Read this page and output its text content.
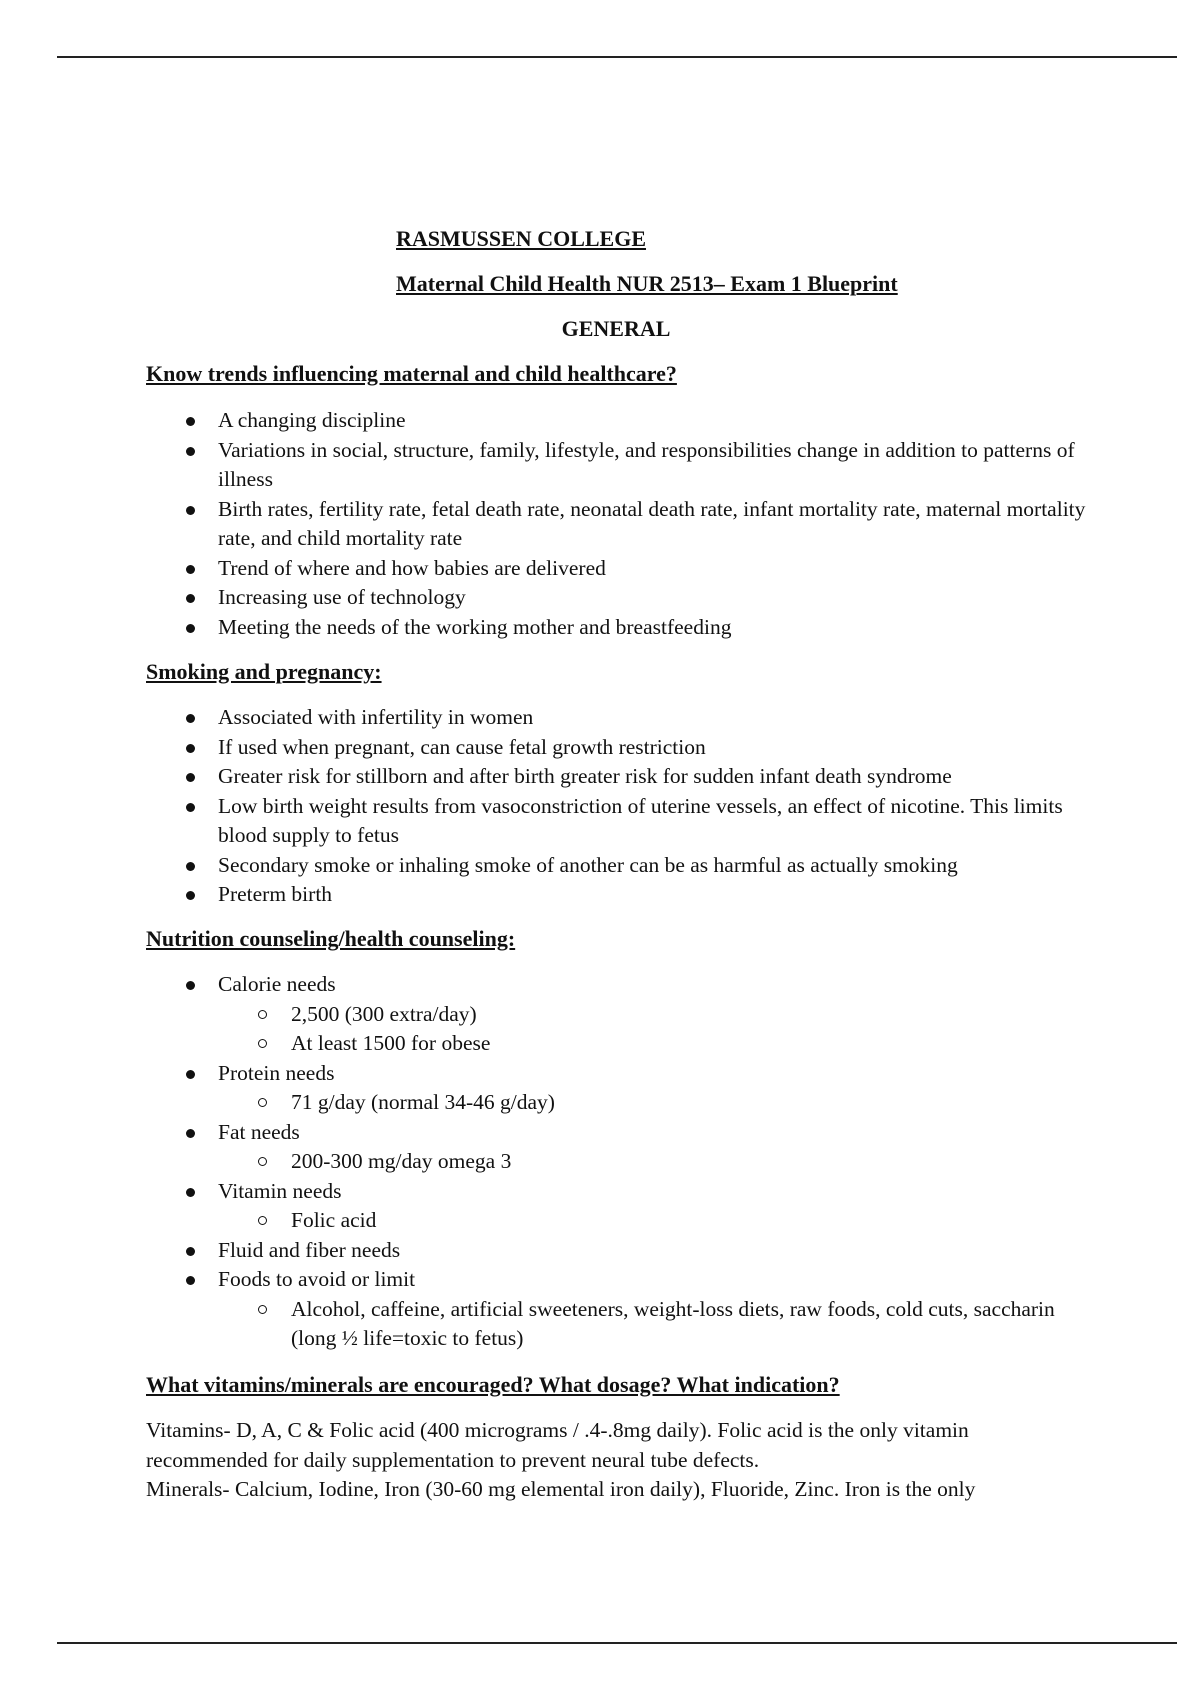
RASMUSSEN COLLEGE
Maternal Child Health NUR 2513– Exam 1 Blueprint
GENERAL
Know trends influencing maternal and child healthcare?
A changing discipline
Variations in social, structure, family, lifestyle, and responsibilities change in addition to patterns of illness
Birth rates, fertility rate, fetal death rate, neonatal death rate, infant mortality rate, maternal mortality rate, and child mortality rate
Trend of where and how babies are delivered
Increasing use of technology
Meeting the needs of the working mother and breastfeeding
Smoking and pregnancy:
Associated with infertility in women
If used when pregnant, can cause fetal growth restriction
Greater risk for stillborn and after birth greater risk for sudden infant death syndrome
Low birth weight results from vasoconstriction of uterine vessels, an effect of nicotine. This limits blood supply to fetus
Secondary smoke or inhaling smoke of another can be as harmful as actually smoking
Preterm birth
Nutrition counseling/health counseling:
Calorie needs
2,500 (300 extra/day)
At least 1500 for obese
Protein needs
71 g/day (normal 34-46 g/day)
Fat needs
200-300 mg/day omega 3
Vitamin needs
Folic acid
Fluid and fiber needs
Foods to avoid or limit
Alcohol, caffeine, artificial sweeteners, weight-loss diets, raw foods, cold cuts, saccharin (long ½ life=toxic to fetus)
What vitamins/minerals are encouraged? What dosage? What indication?

Vitamins- D, A, C & Folic acid (400 micrograms / .4-.8mg daily). Folic acid is the only vitamin recommended for daily supplementation to prevent neural tube defects.

Minerals- Calcium, Iodine, Iron (30-60 mg elemental iron daily), Fluoride, Zinc. Iron is the only
